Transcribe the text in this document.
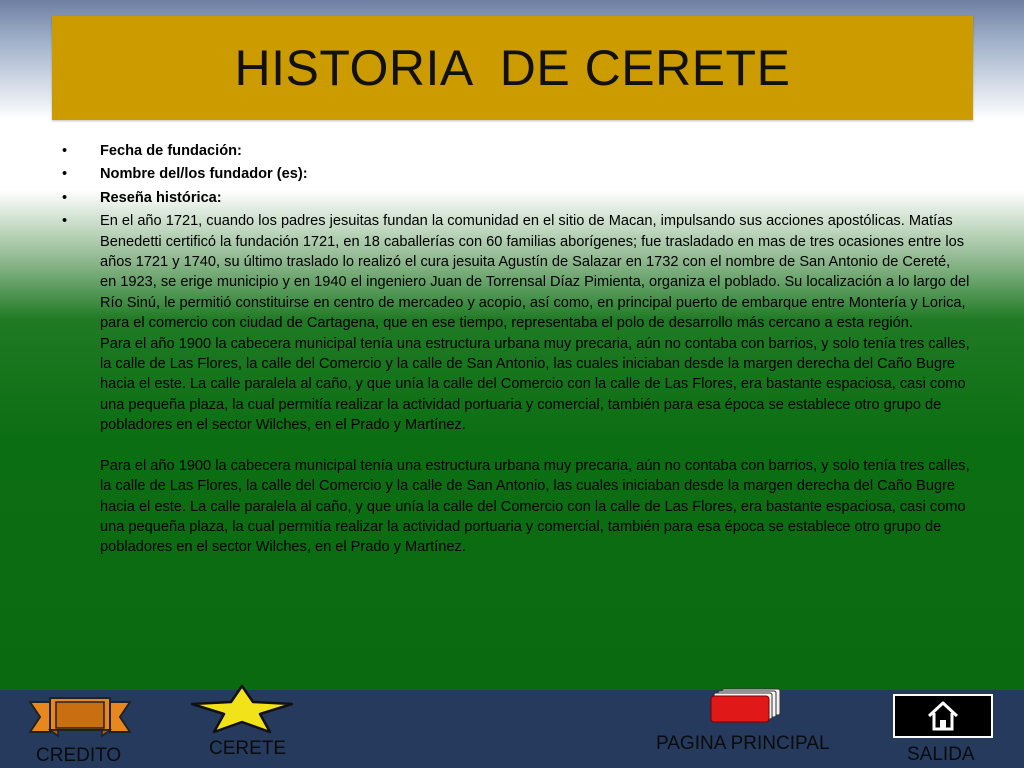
HISTORIA  DE CERETE
• Fecha de fundación:
• Nombre del/los fundador (es):
• Reseña histórica:
• En el año 1721, cuando los padres jesuitas fundan la comunidad en el sitio de Macan, impulsando sus acciones apostólicas. Matías Benedetti certificó la fundación 1721, en 18 caballerías con 60 familias aborígenes; fue trasladado en mas de tres ocasiones entre los años 1721 y 1740, su último traslado lo realizó el cura jesuita Agustín de Salazar en 1732 con el nombre de San Antonio de Cereté, en 1923, se erige municipio y en 1940 el ingeniero Juan de Torrensal Díaz Pimienta, organiza el poblado. Su localización a lo largo del Río Sinú, le permitió constituirse en centro de mercadeo y acopio, así como, en principal puerto de embarque entre Montería y Lorica, para el comercio con ciudad de Cartagena, que en ese tiempo, representaba el polo de desarrollo más cercano a esta región.
Para el año 1900 la cabecera municipal tenía una estructura urbana muy precaria, aún no contaba con barrios, y solo tenía tres calles, la calle de Las Flores, la calle del Comercio y la calle de San Antonio, las cuales iniciaban desde la margen derecha del Caño Bugre hacia el este. La calle paralela al caño, y que unía la calle del Comercio con la calle de Las Flores, era bastante espaciosa, casi como una pequeña plaza, la cual permitía realizar la actividad portuaria y comercial, también para esa época se establece otro grupo de pobladores en el sector Wilches, en el Prado y Martínez.
Para el año 1900 la cabecera municipal tenía una estructura urbana muy precaria, aún no contaba con barrios, y solo tenía tres calles, la calle de Las Flores, la calle del Comercio y la calle de San Antonio, las cuales iniciaban desde la margen derecha del Caño Bugre hacia el este. La calle paralela al caño, y que unía la calle del Comercio con la calle de Las Flores, era bastante espaciosa, casi como una pequeña plaza, la cual permitía realizar la actividad portuaria y comercial, también para esa época se establece otro grupo de pobladores en el sector Wilches, en el Prado y Martínez.
CREDITO	CERETE	PAGINA PRINCIPAL
SALIDA
